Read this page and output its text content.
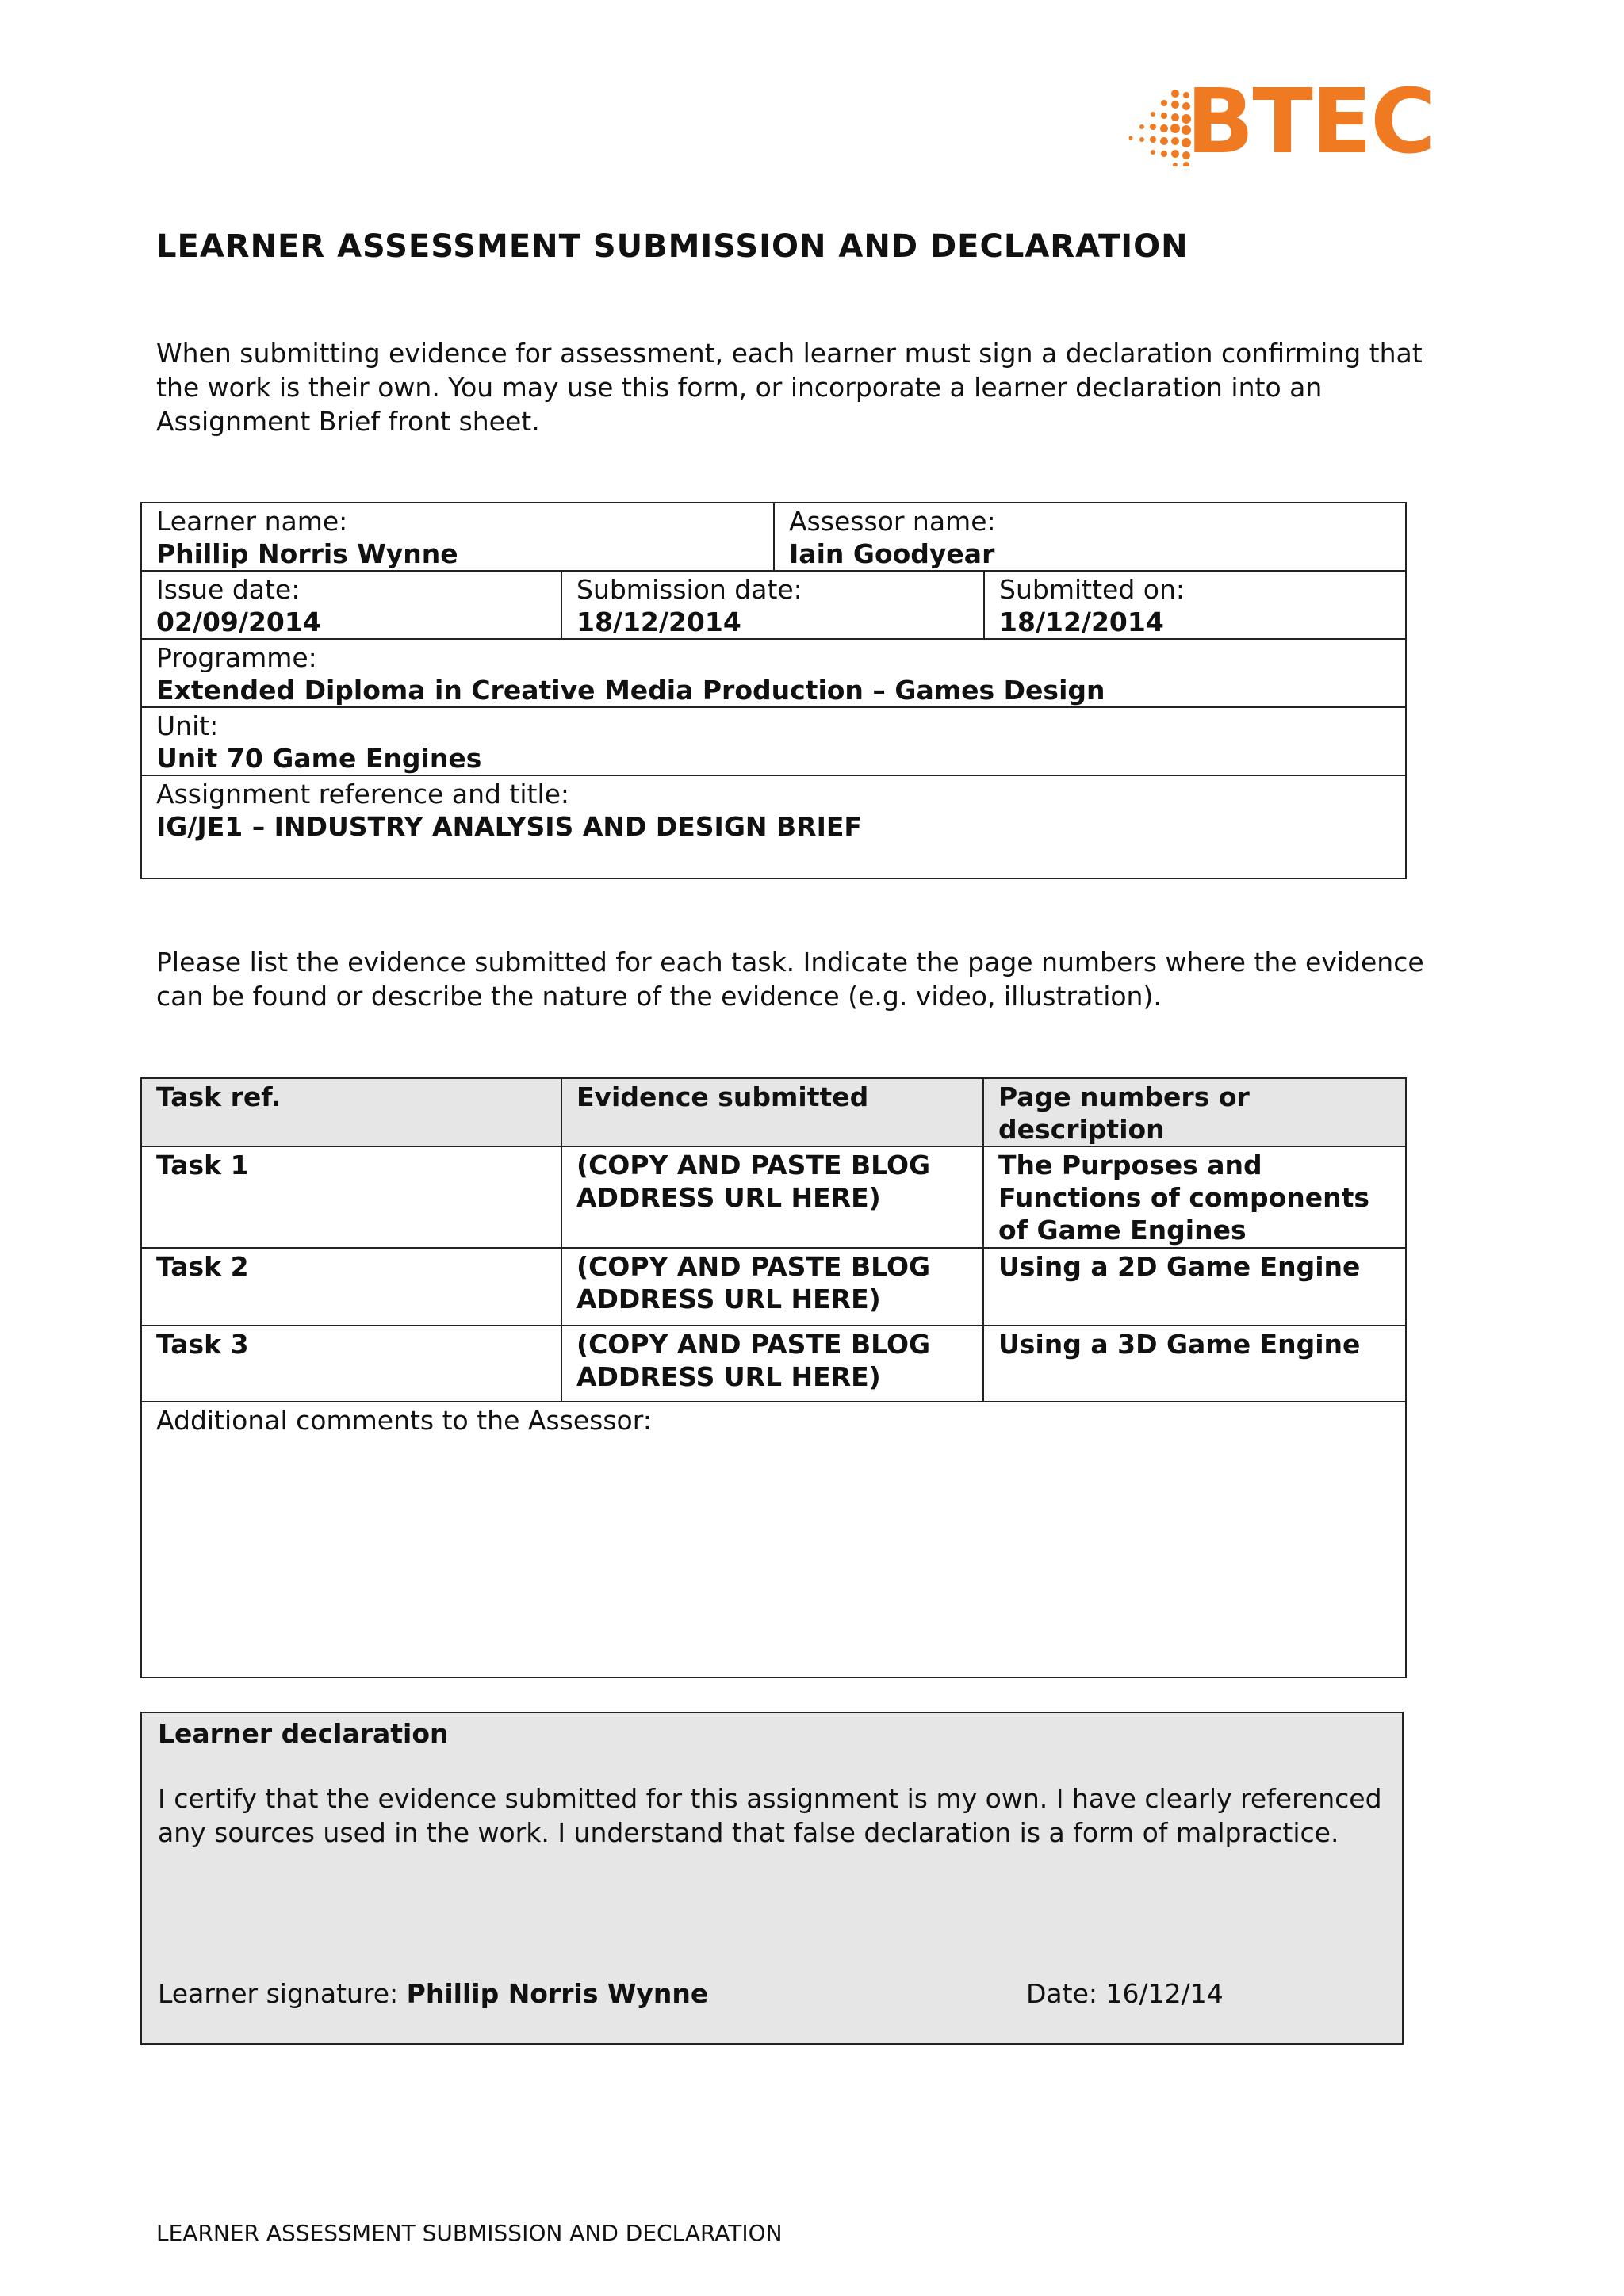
BTEC
LEARNER ASSESSMENT SUBMISSION AND DECLARATION
When submitting evidence for assessment, each learner must sign a declaration confirming that the work is their own. You may use this form, or incorporate a learner declaration into an Assignment Brief front sheet.
Learner name:
Phillip Norris Wynne		Assessor name:
Iain Goodyear	

Issue date:
02/09/2014	Submission date:
18/12/2014		Submitted on:
18/12/2014

Programme:
Extended Diploma in Creative Media Production – Games Design			

Unit:
Unit 70 Game Engines			

Assignment reference and title:
IG/JE1 – INDUSTRY ANALYSIS AND DESIGN BRIEF			
Please list the evidence submitted for each task. Indicate the page numbers where the evidence can be found or describe the nature of the evidence (e.g. video, illustration).
Task ref.	Evidence submitted	Page numbers or description
Task 1	(COPY AND PASTE BLOG ADDRESS URL HERE)	The Purposes and Functions of components of Game Engines
Task 2	(COPY AND PASTE BLOG ADDRESS URL HERE)	Using a 2D Game Engine
Task 3	(COPY AND PASTE BLOG ADDRESS URL HERE)	Using a 3D Game Engine
Additional comments to the Assessor:		
Learner declaration
I certify that the evidence submitted for this assignment is my own. I have clearly referenced any sources used in the work. I understand that false declaration is a form of malpractice.
Learner signature: Phillip Norris Wynne	Date: 16/12/14
LEARNER ASSESSMENT SUBMISSION AND DECLARATION
